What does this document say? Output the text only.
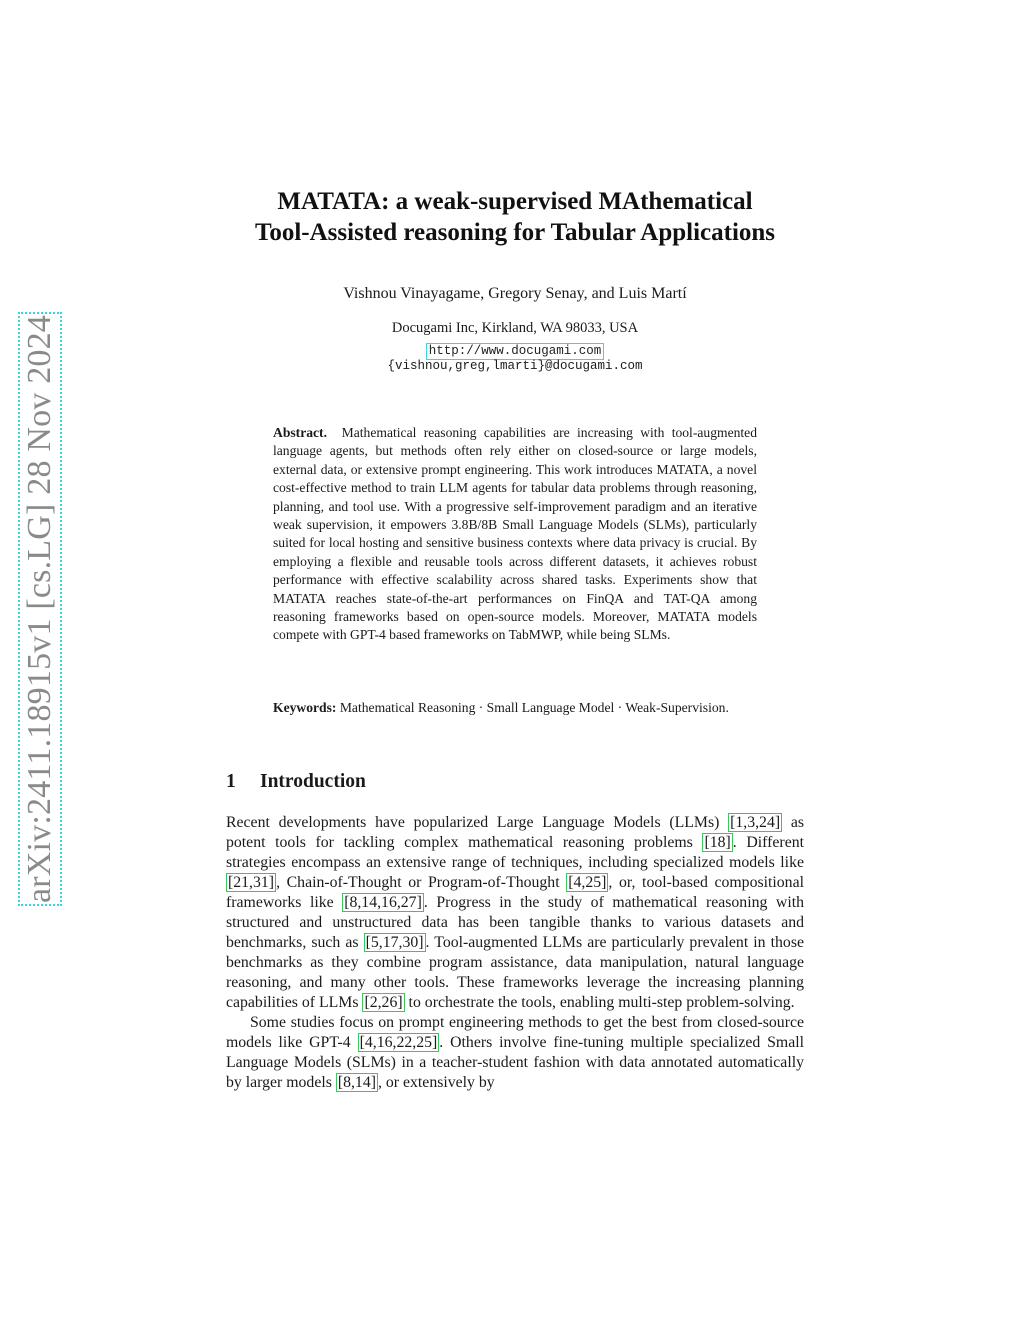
arXiv:2411.18915v1 [cs.LG] 28 Nov 2024
MATATA: a weak-supervised MAthematical
Tool-Assisted reasoning for Tabular Applications
Vishnou Vinayagame, Gregory Senay, and Luis Martí
Docugami Inc, Kirkland, WA 98033, USA
http://www.docugami.com
{vishnou,greg,lmarti}@docugami.com
Abstract. Mathematical reasoning capabilities are increasing with tool-augmented language agents, but methods often rely either on closed-source or large models, external data, or extensive prompt engineering. This work introduces MATATA, a novel cost-effective method to train LLM agents for tabular data problems through reasoning, planning, and tool use. With a progressive self-improvement paradigm and an iterative weak supervision, it empowers 3.8B/8B Small Language Models (SLMs), particularly suited for local hosting and sensitive business contexts where data privacy is crucial. By employing a flexible and reusable tools across different datasets, it achieves robust performance with effective scalability across shared tasks. Experiments show that MATATA reaches state-of-the-art performances on FinQA and TAT-QA among reasoning frameworks based on open-source models. Moreover, MATATA models compete with GPT-4 based frameworks on TabMWP, while being SLMs.
Keywords: Mathematical Reasoning · Small Language Model · Weak-Supervision.
1 Introduction

Recent developments have popularized Large Language Models (LLMs) [1,3,24] as potent tools for tackling complex mathematical reasoning problems [18] . Different strategies encompass an extensive range of techniques, including specialized models like [21,31] , Chain-of-Thought or Program-of-Thought [4,25] , or, tool-based compositional frameworks like [8,14,16,27] . Progress in the study of mathematical reasoning with structured and unstructured data has been tangible thanks to various datasets and benchmarks, such as [5,17,30] . Tool-augmented LLMs are particularly prevalent in those benchmarks as they combine program assistance, data manipulation, natural language reasoning, and many other tools. These frameworks leverage the increasing planning capabilities of LLMs [2,26] to orchestrate the tools, enabling multi-step problem-solving.

Some studies focus on prompt engineering methods to get the best from closed-source models like GPT-4 [4,16,22,25] . Others involve fine-tuning multiple specialized Small Language Models (SLMs) in a teacher-student fashion with data annotated automatically by larger models [8,14] , or extensively by
